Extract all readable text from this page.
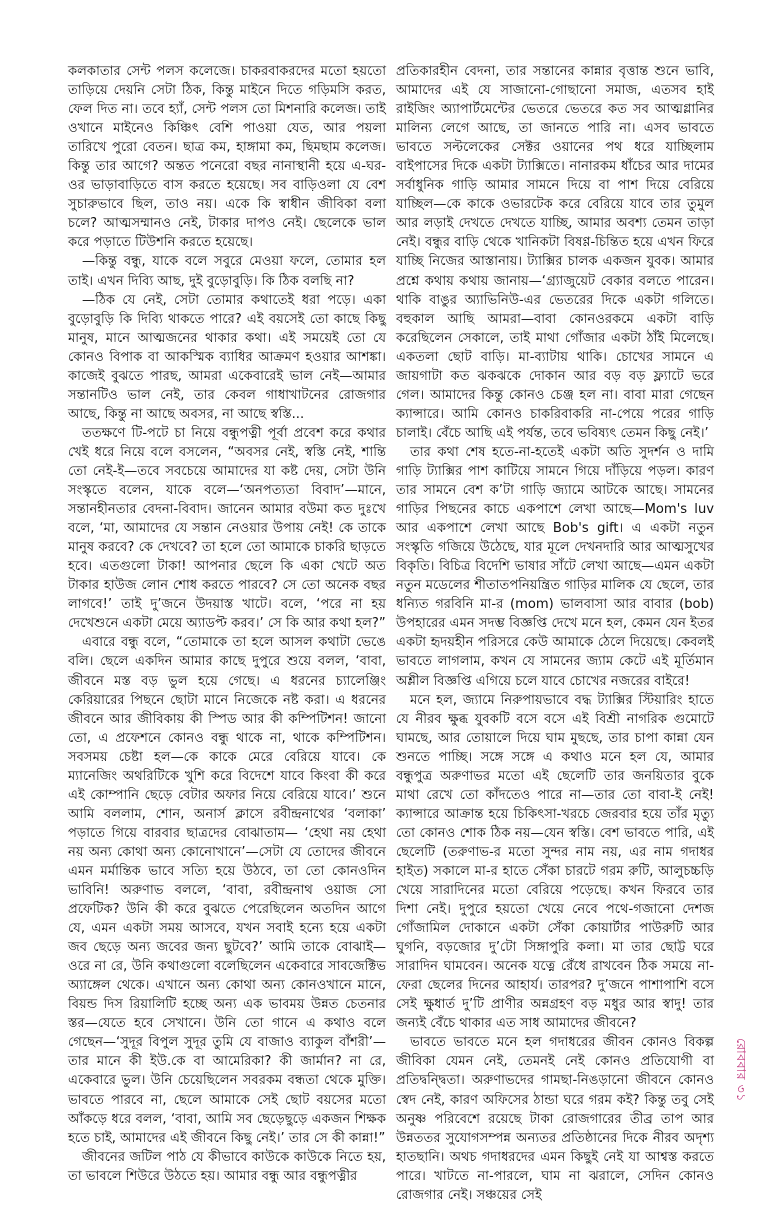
কলকাতার সেন্ট পলস কলেজে। চাকরবাকরদের মতো হয়তো তাড়িয়ে দেয়নি সেটা ঠিক, কিন্তু মাইনে দিতে গড়িমসি করত, ফেল দিত না। তবে হ্যাঁ, সেন্ট পলস তো মিশনারি কলেজ। তাই ওখানে মাইনেও কিঞ্চিৎ বেশি পাওয়া যেত, আর পয়লা তারিখে পুরো বেতন। ছাত্র কম, হাঙ্গামা কম, ছিমছাম কলেজ। কিন্তু তার আগে? অন্তত পনেরো বছর নানাস্থানী হয়ে এ-ঘর-ওর ভাড়াবাড়িতে বাস করতে হয়েছে। সব বাড়িওলা যে বেশ সুচারুভাবে ছিল, তাও নয়। একে কি স্বাধীন জীবিকা বলা চলে? আত্মসম্মানও নেই, টাকার দাপও নেই। ছেলেকে ভাল করে পড়াতে টিউশনি করতে হয়েছে।

—কিন্তু বন্ধু, যাকে বলে সবুরে মেওয়া ফলে, তোমার হল তাই। এখন দিব্যি আছ, দুই বুড়োবুড়ি। কি ঠিক বলছি না?

—ঠিক যে নেই, সেটা তোমার কথাতেই ধরা পড়ে। একা বুড়োবুড়ি কি দিব্যি থাকতে পারে? এই বয়সেই তো কাছে কিছু মানুষ, মানে আত্মজনের থাকার কথা। এই সময়েই তো যে কোনও বিপাক বা আকস্মিক ব্যাধির আক্রমণ হওয়ার আশঙ্কা। কাজেই বুঝতে পারছ, আমরা একেবারেই ভাল নেই—আমার সন্তানটিও ভাল নেই, তার কেবল গাধাখাটনের রোজগার আছে, কিন্তু না আছে অবসর, না আছে স্বস্তি...

ততক্ষণে টি-পটে চা নিয়ে বন্ধুপত্নী পূর্বা প্রবেশ করে কথার খেই ধরে নিয়ে বলে বসলেন, “অবসর নেই, স্বস্তি নেই, শান্তি তো নেই-ই—তবে সবচেয়ে আমাদের যা কষ্ট দেয়, সেটা উনি সংস্কৃতে বলেন, যাকে বলে—‘অনপত্যতা বিবাদ’—মানে, সন্তানহীনতার বেদনা-বিবাদ। জানেন আমার বউমা কত দুঃখে বলে, ‘মা, আমাদের যে সন্তান নেওয়ার উপায় নেই! কে তাকে মানুষ করবে? কে দেখবে? তা হলে তো আমাকে চাকরি ছাড়তে হবে। এতগুলো টাকা! আপনার ছেলে কি একা খেটে অত টাকার হাউজ লোন শোধ করতে পারবে? সে তো অনেক বছর লাগবে!’ তাই দু’জনে উদয়াস্ত খাটে। বলে, ‘পরে না হয় দেখেশুনে একটা মেয়ে অ্যাডপ্ট করব।’ সে কি আর কথা হল?”

এবারে বন্ধু বলে, “তোমাকে তা হলে আসল কথাটা ভেঙে বলি। ছেলে একদিন আমার কাছে দুপুরে শুয়ে বলল, ‘বাবা, জীবনে মস্ত বড় ভুল হয়ে গেছে। এ ধরনের চ্যালেঞ্জিং কেরিয়ারের পিছনে ছোটা মানে নিজেকে নষ্ট করা। এ ধরনের জীবনে আর জীবিকায় কী স্পিড আর কী কম্পিটিশন! জানো তো, এ প্রফেশনে কোনও বন্ধু থাকে না, থাকে কম্পিটিশন। সবসময় চেষ্টা হল—কে কাকে মেরে বেরিয়ে যাবে। কে ম্যানেজিং অথরিটিকে খুশি করে বিদেশে যাবে কিংবা কী করে এই কোম্পানি ছেড়ে বেটার অফার নিয়ে বেরিয়ে যাবে।’ শুনে আমি বললাম, শোন, অনার্স ক্লাসে রবীন্দ্রনাথের ‘বলাকা’ পড়াতে গিয়ে বারবার ছাত্রদের বোঝাতাম— ‘হেথা নয় হেথা নয় অন্য কোথা অন্য কোনোখানে’—সেটা যে তোদের জীবনে এমন মর্মান্তিক ভাবে সত্যি হয়ে উঠবে, তা তো কোনওদিন ভাবিনি! অরুণাভ বললে, ‘বাবা, রবীন্দ্রনাথ ওয়াজ সো প্রফেটিক? উনি কী করে বুঝতে পেরেছিলেন অতদিন আগে যে, এমন একটা সময় আসবে, যখন সবাই হন্যে হয়ে একটা জব ছেড়ে অন্য জবের জন্য ছুটবে?’ আমি তাকে বোঝাই—ওরে না রে, উনি কথাগুলো বলেছিলেন একেবারে সাবজেক্টিভ অ্যাঙ্গেল থেকে। এখানে অন্য কোথা অন্য কোনওখানে মানে, বিয়ন্ড দিস রিয়ালিটি হচ্ছে অন্য এক ভাবময় উন্নত চেতনার স্তর—যেতে হবে সেখানে। উনি তো গানে এ কথাও বলে গেছেন—‘সুদূর বিপুল সুদূর তুমি যে বাজাও ব্যাকুল বাঁশরী’—তার মানে কী ইউ.কে বা আমেরিকা? কী জার্মান? না রে, একেবারে ভুল। উনি চেয়েছিলেন সবরকম বন্ধতা থেকে মুক্তি। ভাবতে পারবে না, ছেলে আমাকে সেই ছোট বয়সের মতো আঁকড়ে ধরে বলল, ‘বাবা, আমি সব ছেড়েছুড়ে একজন শিক্ষক হতে চাই, আমাদের এই জীবনে কিছু নেই।’ তার সে কী কান্না!”

জীবনের জটিল পাঠ যে কীভাবে কাউকে কাউকে নিতে হয়, তা ভাবলে শিউরে উঠতে হয়। আমার বন্ধু আর বন্ধুপত্নীর

প্রতিকারহীন বেদনা, তার সন্তানের কান্নার বৃত্তান্ত শুনে ভাবি, আমাদের এই যে সাজানো-গোছানো সমাজ, এতসব হাই রাইজিং অ্যাপার্টমেন্টের ভেতরে ভেতরে কত সব আত্মগ্লানির মালিন্য লেগে আছে, তা জানতে পারি না। এসব ভাবতে ভাবতে সল্টলেকের সেক্টর ওয়ানের পথ ধরে যাচ্ছিলাম বাইপাসের দিকে একটা ট্যাক্সিতে। নানারকম ধাঁচের আর দামের সর্বাধুনিক গাড়ি আমার সামনে দিয়ে বা পাশ দিয়ে বেরিয়ে যাচ্ছিল—কে কাকে ওভারটেক করে বেরিয়ে যাবে তার তুমুল আর লড়াই দেখতে দেখতে যাচ্ছি, আমার অবশ্য তেমন তাড়া নেই। বন্ধুর বাড়ি থেকে খানিকটা বিষণ্ণ-চিন্তিত হয়ে এখন ফিরে যাচ্ছি নিজের আস্তানায়। ট্যাক্সির চালক একজন যুবক। আমার প্রশ্নে কথায় কথায় জানায়—‘গ্র্যাজুয়েট বেকার বলতে পারেন। থাকি বাঙুর অ্যাভিনিউ-এর ভেতরের দিকে একটা গলিতে। বহুকাল আছি আমরা—বাবা কোনওরকমে একটা বাড়ি করেছিলেন সেকালে, তাই মাথা গোঁজার একটা ঠাঁই মিলেছে। একতলা ছোট বাড়ি। মা-ব্যাটায় থাকি। চোখের সামনে এ জায়গাটা কত ঝকঝকে দোকান আর বড় বড় ফ্ল্যাটে ভরে গেল। আমাদের কিন্তু কোনও চেঞ্জ হল না। বাবা মারা গেছেন ক্যান্সারে। আমি কোনও চাকরিবাকরি না-পেয়ে পরের গাড়ি চালাই। বেঁচে আছি এই পর্যন্ত, তবে ভবিষ্যৎ তেমন কিছু নেই।’

তার কথা শেষ হতে-না-হতেই একটা অতি সুদর্শন ও দামি গাড়ি ট্যাক্সির পাশ কাটিয়ে সামনে গিয়ে দাঁড়িয়ে পড়ল। কারণ তার সামনে বেশ ক’টা গাড়ি জ্যামে আটকে আছে। সামনের গাড়ির পিছনের কাচে একপাশে লেখা আছে—Mom's luv আর একপাশে লেখা আছে Bob's gift। এ একটা নতুন সংস্কৃতি গজিয়ে উঠেছে, যার মূলে দেখনদারি আর আত্মসুখের বিকৃতি। বিচিত্র বিদেশি ভাষার সাঁটে লেখা আছে—এমন একটা নতুন মডেলের শীতাতপনিয়ন্ত্রিত গাড়ির মালিক যে ছেলে, তার ধন্যিত গরবিনি মা-র (mom) ভালবাসা আর বাবার (bob) উপহারের এমন সদম্ভ বিজ্ঞপ্তি দেখে মনে হল, কেমন যেন ইতর একটা হৃদয়হীন পরিসরে কেউ আমাকে ঠেলে দিয়েছে। কেবলই ভাবতে লাগলাম, কখন যে সামনের জ্যাম কেটে এই মূর্তিমান অশ্লীল বিজ্ঞপ্তি এগিয়ে চলে যাবে চোখের নজরের বাইরে!

মনে হল, জ্যামে নিরুপায়ভাবে বদ্ধ ট্যাক্সির স্টিয়ারিং হাতে যে নীরব ক্ষুব্ধ যুবকটি বসে বসে এই বিশ্রী নাগরিক গুমোটে ঘামছে, আর তোয়ালে দিয়ে ঘাম মুছছে, তার চাপা কান্না যেন শুনতে পাচ্ছি। সঙ্গে সঙ্গে এ কথাও মনে হল যে, আমার বন্ধুপুত্র অরুণাভর মতো এই ছেলেটি তার জনয়িতার বুকে মাথা রেখে তো কাঁদতেও পারে না—তার তো বাবা-ই নেই! ক্যান্সারে আক্রান্ত হয়ে চিকিৎসা-খরচে জেরবার হয়ে তাঁর মৃত্যু তো কোনও শোক ঠিক নয়—যেন স্বস্তি। বেশ ভাবতে পারি, এই ছেলেটি (তরুণাভ-র মতো সুন্দর নাম নয়, এর নাম গদাধর হাইত) সকালে মা-র হাতে সেঁকা চারটে গরম রুটি, আলুচচ্চড়ি খেয়ে সারাদিনের মতো বেরিয়ে পড়েছে। কখন ফিরবে তার দিশা নেই। দুপুরে হয়তো খেয়ে নেবে পথে-গজানো দেশজ গোঁজামিল দোকানে একটা সেঁকা কোয়ার্টার পাউরুটি আর ঘুগনি, বড়জোর দু’টো সিঙ্গাপুরি কলা। মা তার ছোট্ট ঘরে সারাদিন ঘামবেন। অনেক যত্নে রেঁধে রাখবেন ঠিক সময়ে না-ফেরা ছেলের দিনের আহার্য। তারপর? দু’জনে পাশাপাশি বসে সেই ক্ষুধার্ত দু’টি প্রাণীর অন্নগ্রহণ বড় মধুর আর স্বাদু! তার জন্যই বেঁচে থাকার এত সাধ আমাদের জীবনে?

ভাবতে ভাবতে মনে হল গদাধরের জীবন কোনও বিকল্প জীবিকা যেমন নেই, তেমনই নেই কোনও প্রতিযোগী বা প্রতিদ্বন্দ্বিতা। অরুণাভদের গামছা-নিঙড়ানো জীবনে কোনও স্বেদ নেই, কারণ অফিসের ঠান্ডা ঘরে গরম কই? কিন্তু তবু সেই অনুষ্ণ পরিবেশে রয়েছে টাকা রোজগারের তীব্র তাপ আর উন্নততর সুযোগসম্পন্ন অন্যতর প্রতিষ্ঠানের দিকে নীরব অদৃশ্য হাতছানি। অথচ গদাধরদের এমন কিছুই নেই যা আশ্বস্ত করতে পারে। খাটতে না-পারলে, ঘাম না ঝরালে, সেদিন কোনও রোজগার নেই। সঞ্চয়ের সেই

রোববার ৩১
